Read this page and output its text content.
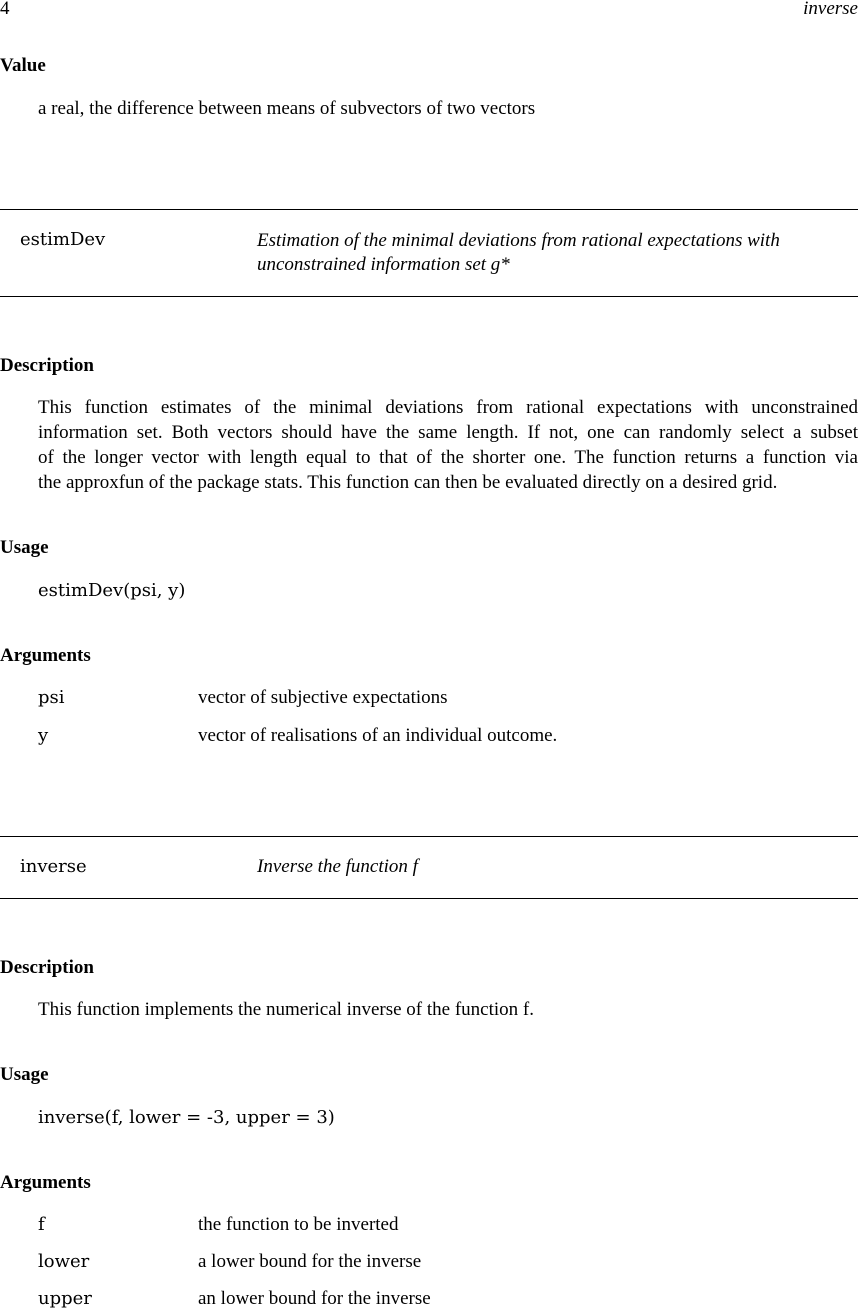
4	inverse
Value
a real, the difference between means of subvectors of two vectors
estimDev	Estimation of the minimal deviations from rational expectations with
unconstrained information set g*
Description
This function estimates of the minimal deviations from rational expectations with unconstrained
information set. Both vectors should have the same length. If not, one can randomly select a subset
of the longer vector with length equal to that of the shorter one. The function returns a function via
the approxfun of the package stats. This function can then be evaluated directly on a desired grid.
Usage
estimDev(psi, y)
Arguments
psi	vector of subjective expectations
y	vector of realisations of an individual outcome.
inverse	Inverse the function f
Description
This function implements the numerical inverse of the function f.
Usage
inverse(f, lower = -3, upper = 3)
Arguments
f	the function to be inverted
lower	a lower bound for the inverse
upper	an lower bound for the inverse
